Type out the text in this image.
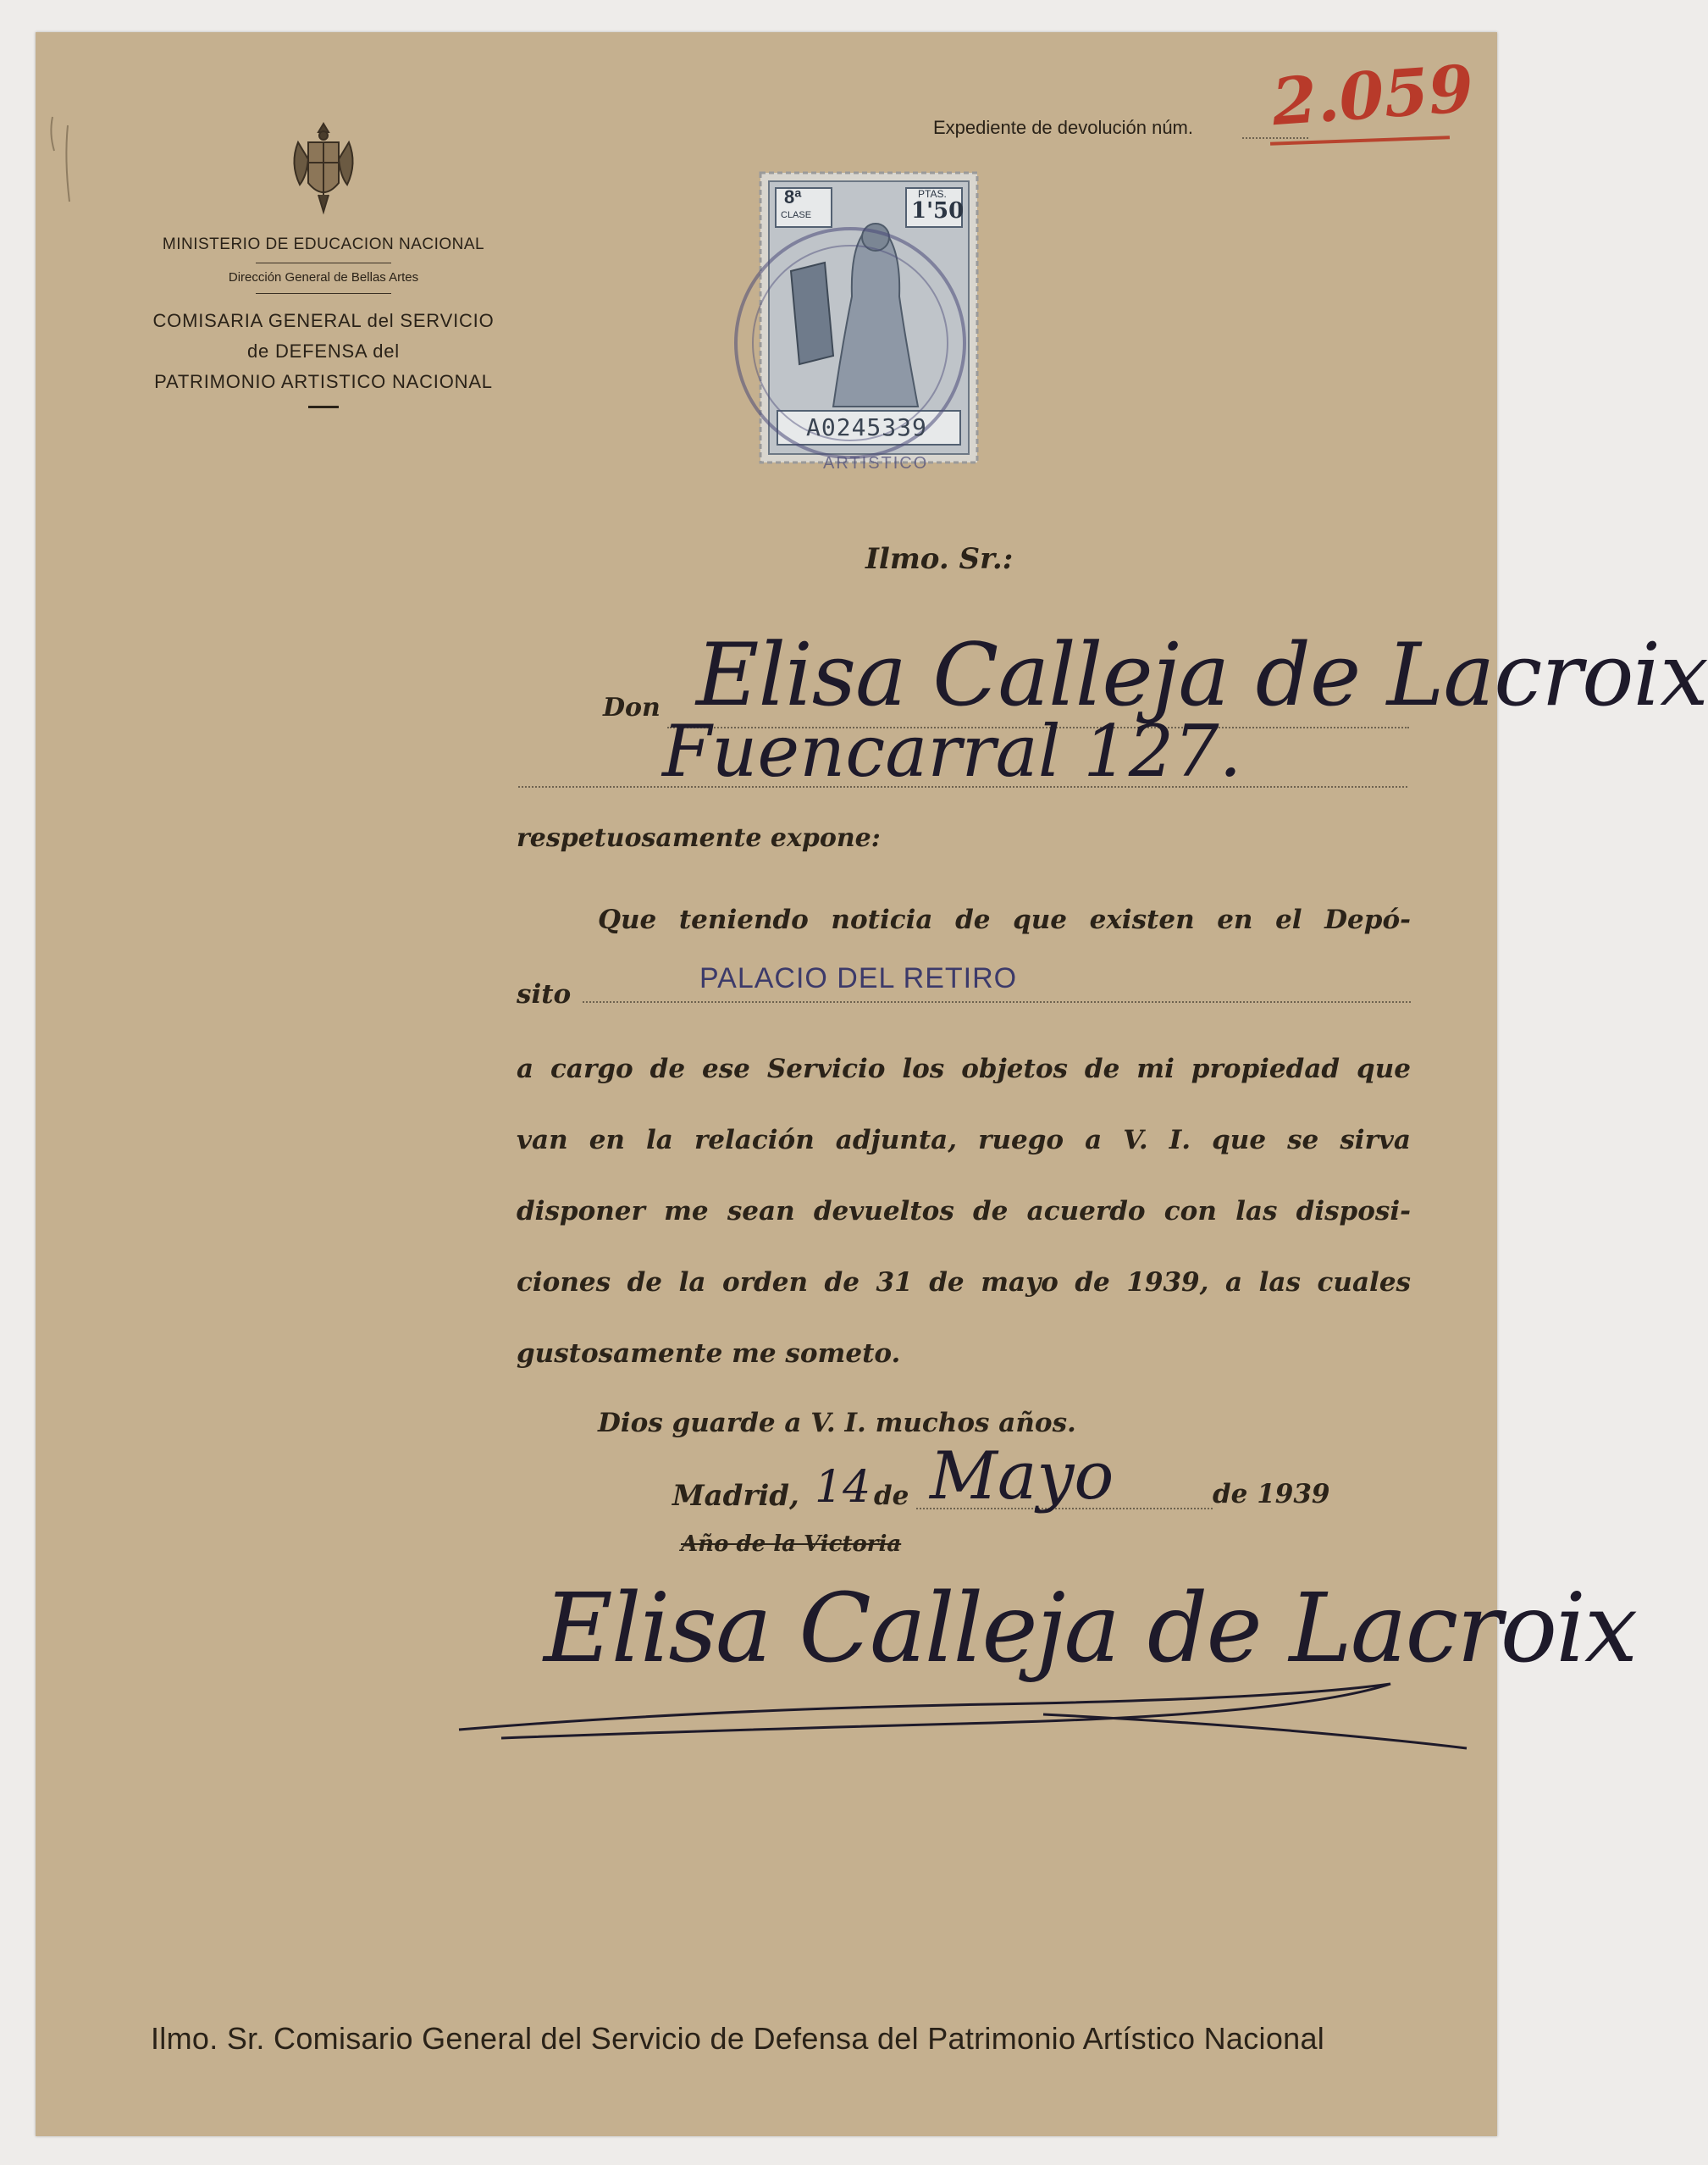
MINISTERIO DE EDUCACION NACIONAL
Dirección General de Bellas Artes
COMISARIA GENERAL del SERVICIO
de DEFENSA del
PATRIMONIO ARTISTICO NACIONAL
Expediente de devolución núm. 2.059
8ª
CLASE
PTAS.
1'50
A0245339
ARTISTICO
Ilmo. Sr.:
Don Elisa Calleja de Lacroix
Fuencarral 127.
respetuosamente expone:
Que teniendo noticia de que existen en el Depó-
sito	PALACIO DEL RETIRO
a cargo de ese Servicio los objetos de mi propiedad que
van en la relación adjunta, ruego a V. I. que se sirva
disponer me sean devueltos de acuerdo con las disposi-
ciones de la orden de 31 de mayo de 1939, a las cuales
gustosamente me someto.
Dios guarde a V. I. muchos años.
Madrid, 14 de Mayo	de 1939
Año de la Victoria
Elisa Calleja de Lacroix
Ilmo. Sr. Comisario General del Servicio de Defensa del Patrimonio Artístico Nacional
